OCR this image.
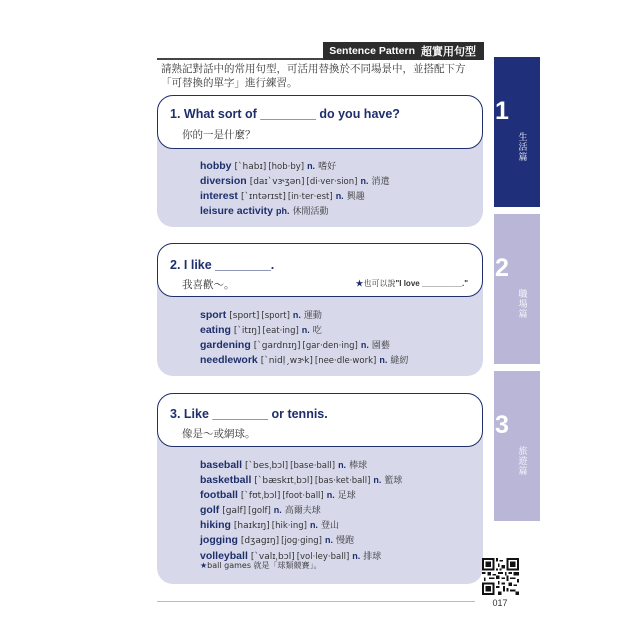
Sentence Pattern 超實用句型
請熟記對話中的常用句型，可活用替換於不同場景中，並搭配下方「可替換的單字」進行練習。
1. What sort of ________ do you have?
你的一是什麼？
hobby [ˋhabɪ] [hob·by] n. 嗜好
diversion [daɪˋvɝʒən] [di·ver·sion] n. 消遣
interest [ˋɪntərɪst] [in·ter·est] n. 興趣
leisure activity ph. 休閒活動
2. I like ________.
我喜歡～。	★也可以說"I love _________."
sport [sport] [sport] n. 運動
eating [ˋitɪŋ] [eat·ing] n. 吃
gardening [ˋgardnɪŋ] [gar·den·ing] n. 園藝
needlework [ˋnidḷˏwɝk] [nee·dle·work] n. 縫紉
3. Like ________ or tennis.
像是～或網球。
baseball [ˋbesˌbɔl] [base·ball] n. 棒球
basketball [ˋbæskɪtˌbɔl] [bas·ket·ball] n. 籃球
football [ˋfʊtˌbɔl] [foot·ball] n. 足球
golf [galf] [golf] n. 高爾夫球
hiking [haɪkɪŋ] [hik·ing] n. 登山
jogging [dʒagɪŋ] [jog·ging] n. 慢跑
volleyball [ˋvalɪˌbɔl] [vol·ley·ball] n. 排球
★ball games 就是「球類競賽」。
1
生活篇
2
職場篇
3
旅遊篇
017
